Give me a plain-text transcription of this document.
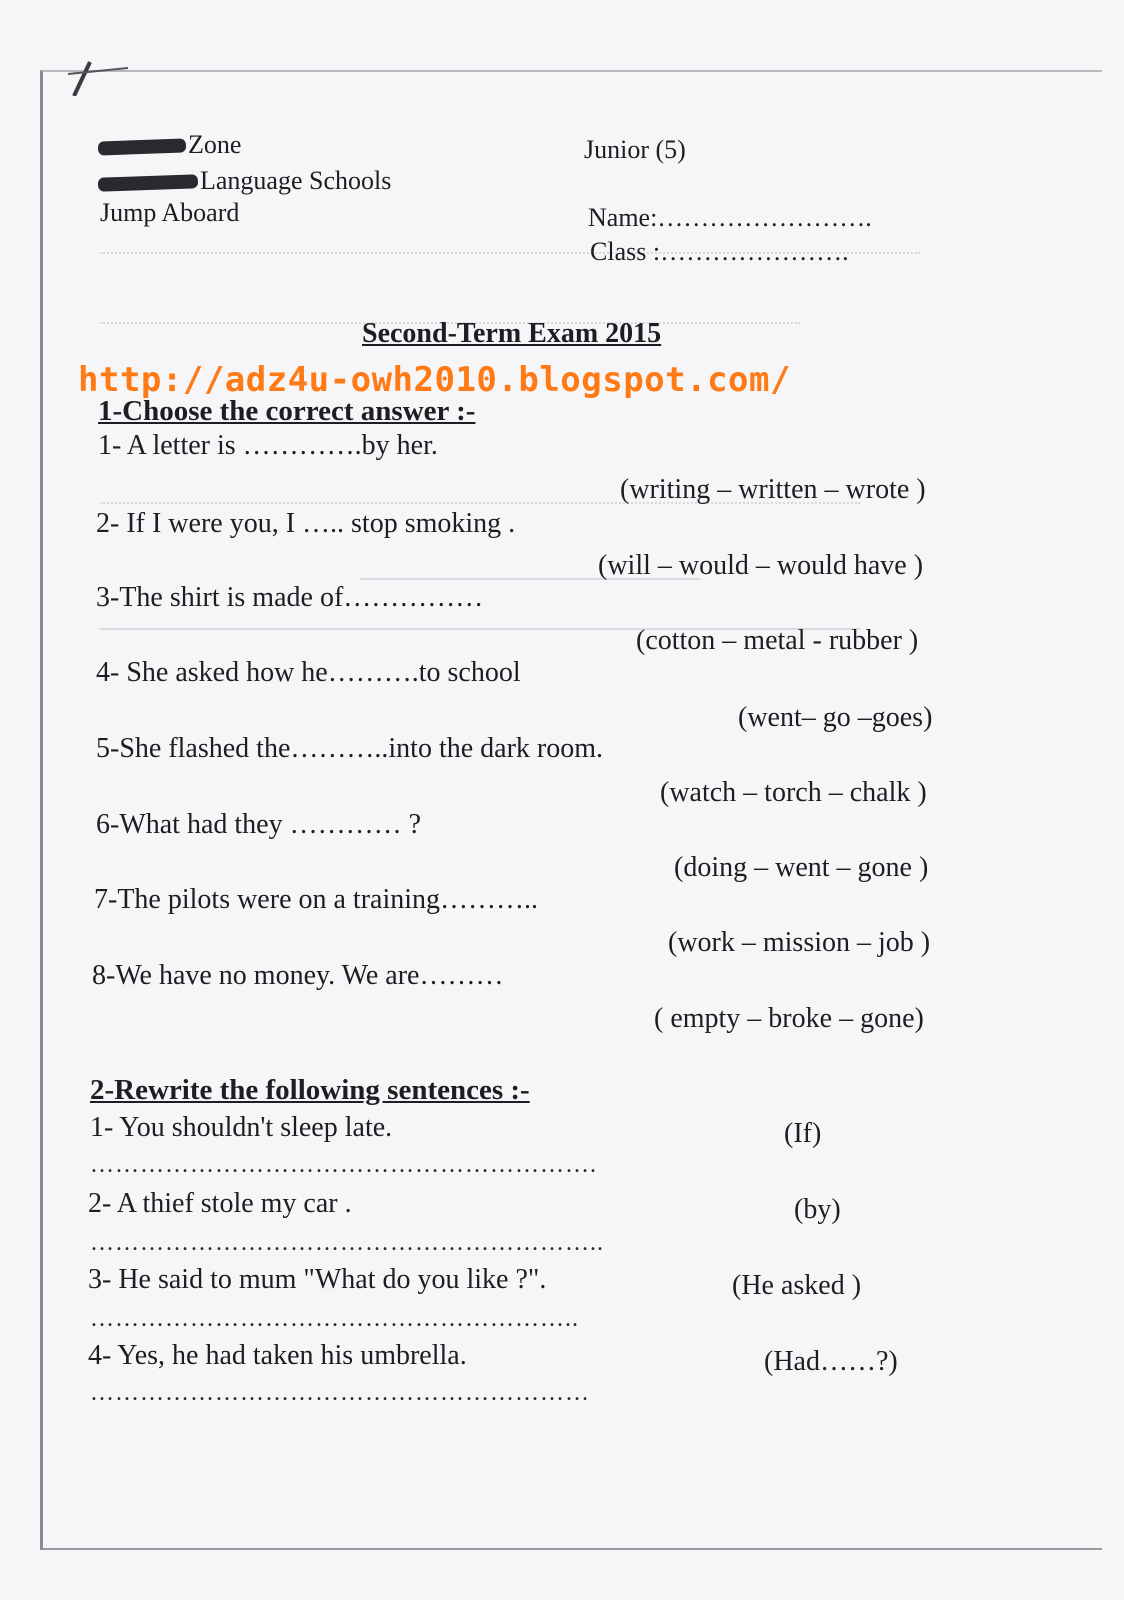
Zone
Language Schools
Jump Aboard
Junior (5)
Name:…………………….
Class :………………….
Second-Term Exam 2015
http://adz4u-owh2010.blogspot.com/
1-Choose the correct answer :-
1- A letter is ………….by her.
(writing – written – wrote )
2- If I were you, I ….. stop smoking .
(will – would – would have )
3-The shirt is made of……………
(cotton – metal - rubber )
4- She asked how he……….to school
(went– go –goes)
5-She flashed the………..into the dark room.
(watch – torch – chalk )
6-What had they ………… ?
(doing – went – gone )
7-The pilots were on a training………..
(work – mission – job )
8-We have no money. We are………
( empty – broke – gone)
2-Rewrite the following sentences :-
1- You shouldn't sleep late.	(If)
…………………………………………………….
2- A thief stole my car .	(by)
……………………………………………………..
3- He said to mum "What do you like ?".	(He asked )
…………………………………………………..
4- Yes, he had taken his umbrella.	(Had……?)
……………………………………………………
